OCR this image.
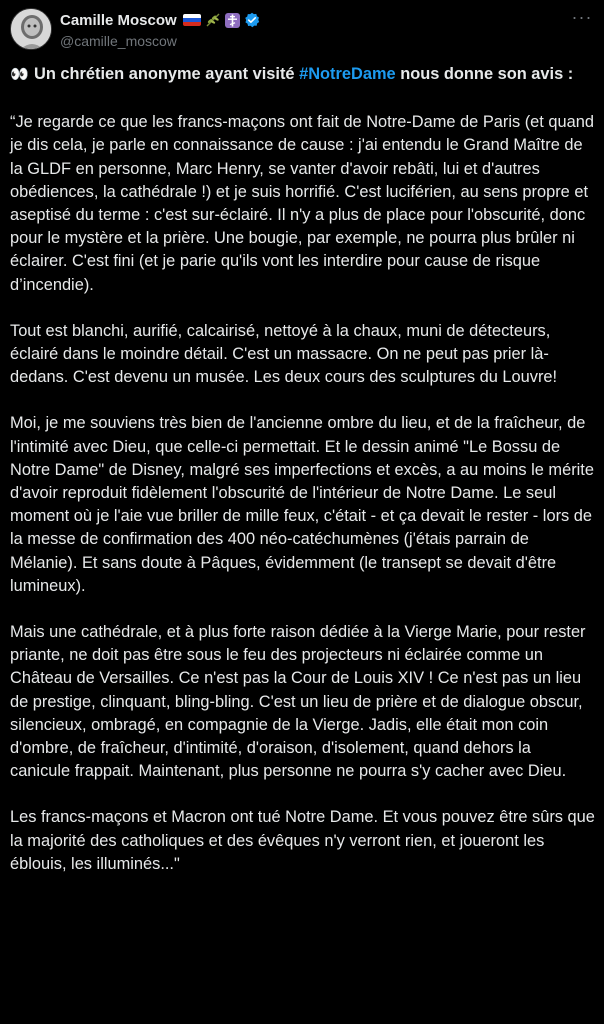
Camille Moscow
@camille_moscow
···

👀 Un chrétien anonyme ayant visité #NotreDame nous donne son avis :

“Je regarde ce que les francs-maçons ont fait de Notre-Dame de Paris (et quand je dis cela, je parle en connaissance de cause : j'ai entendu le Grand Maître de la GLDF en personne, Marc Henry, se vanter d'avoir rebâti, lui et d'autres obédiences, la cathédrale !) et je suis horrifié. C'est luciférien, au sens propre et aseptisé du terme : c'est sur-éclairé. Il n'y a plus de place pour l'obscurité, donc pour le mystère et la prière. Une bougie, par exemple, ne pourra plus brûler ni éclairer. C'est fini (et je parie qu'ils vont les interdire pour cause de risque d’incendie).

Tout est blanchi, aurifié, calcairisé, nettoyé à la chaux, muni de détecteurs, éclairé dans le moindre détail. C'est un massacre. On ne peut pas prier là-dedans. C'est devenu un musée. Les deux cours des sculptures du Louvre!

Moi, je me souviens très bien de l'ancienne ombre du lieu, et de la fraîcheur, de l'intimité avec Dieu, que celle-ci permettait. Et le dessin animé "Le Bossu de Notre Dame" de Disney, malgré ses imperfections et excès, a au moins le mérite d'avoir reproduit fidèlement l'obscurité de l'intérieur de Notre Dame. Le seul moment où je l'aie vue briller de mille feux, c'était - et ça devait le rester - lors de la messe de confirmation des 400 néo-catéchumènes (j'étais parrain de Mélanie). Et sans doute à Pâques, évidemment (le transept se devait d'être lumineux).

Mais une cathédrale, et à plus forte raison dédiée à la Vierge Marie, pour rester priante, ne doit pas être sous le feu des projecteurs ni éclairée comme un Château de Versailles. Ce n'est pas la Cour de Louis XIV ! Ce n'est pas un lieu de prestige, clinquant, bling-bling. C'est un lieu de prière et de dialogue obscur, silencieux, ombragé, en compagnie de la Vierge. Jadis, elle était mon coin d'ombre, de fraîcheur, d'intimité, d'oraison, d'isolement, quand dehors la canicule frappait. Maintenant, plus personne ne pourra s'y cacher avec Dieu.

Les francs-maçons et Macron ont tué Notre Dame. Et vous pouvez être sûrs que la majorité des catholiques et des évêques n'y verront rien, et joueront les éblouis, les illuminés..."
